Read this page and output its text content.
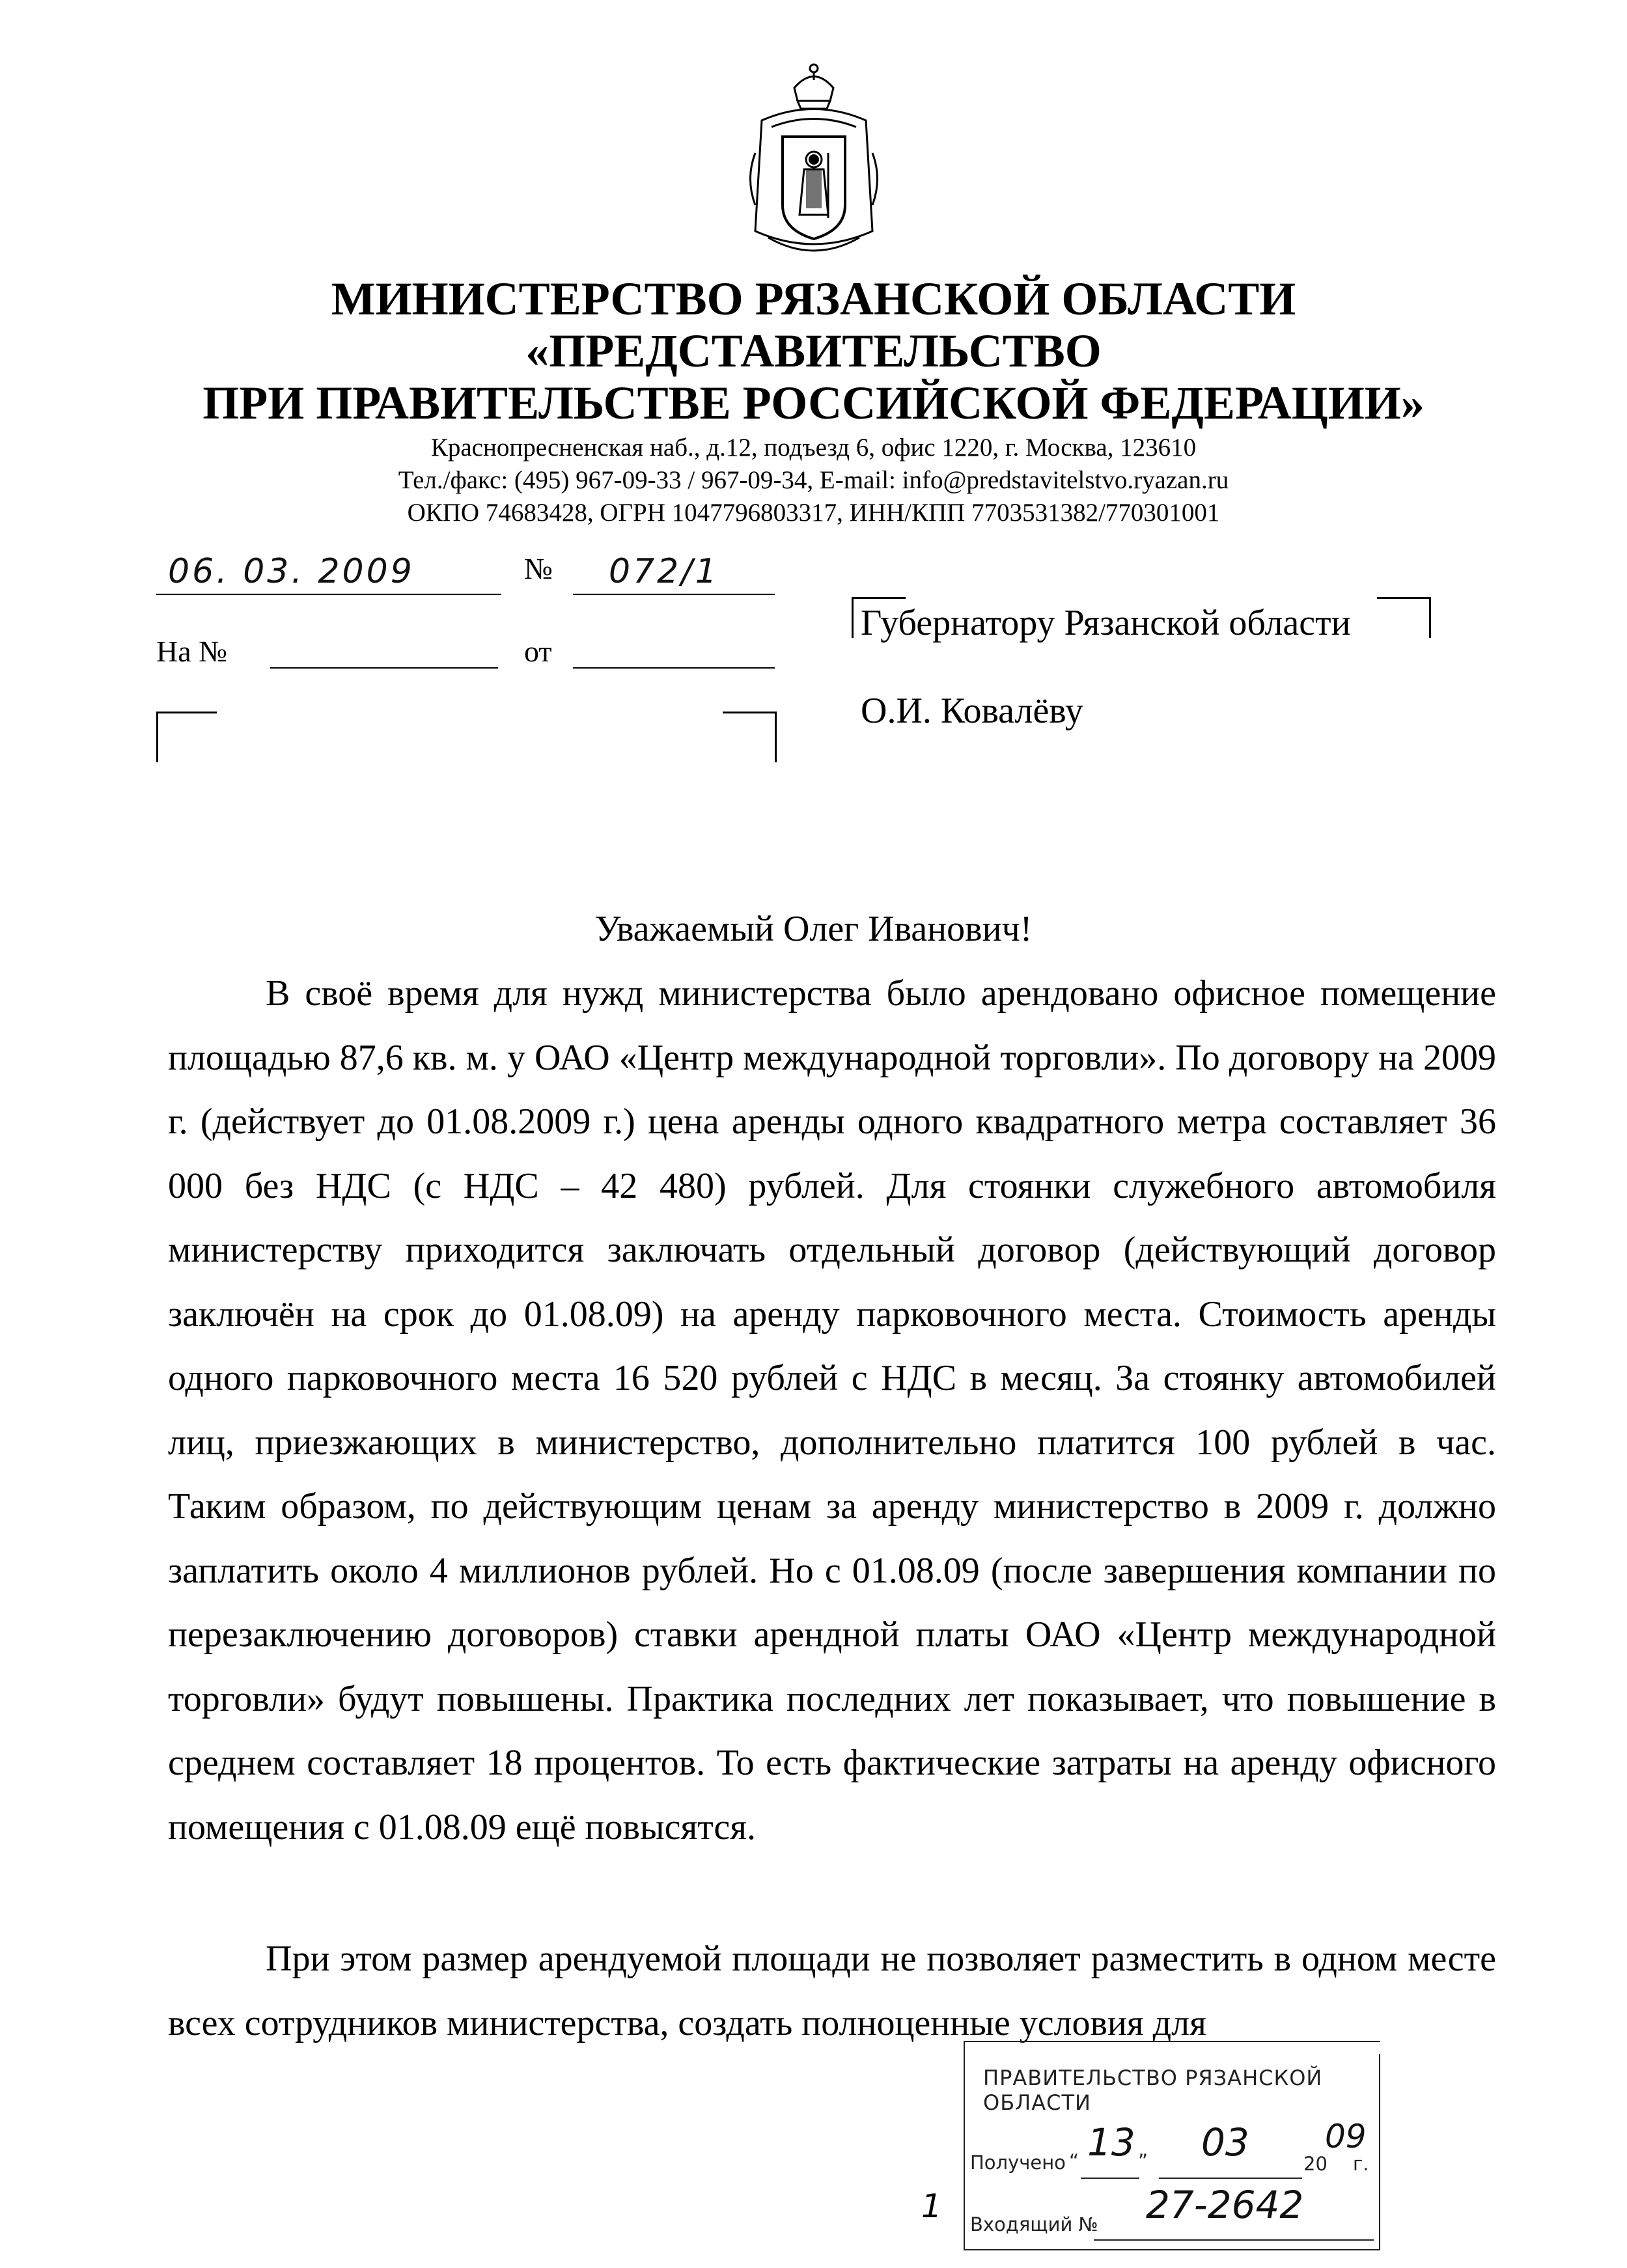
МИНИСТЕРСТВО РЯЗАНСКОЙ ОБЛАСТИ
«ПРЕДСТАВИТЕЛЬСТВО
ПРИ ПРАВИТЕЛЬСТВЕ РОССИЙСКОЙ ФЕДЕРАЦИИ»
Краснопресненская наб., д.12, подъезд 6, офис 1220, г. Москва, 123610
Тел./факс: (495) 967-09-33 / 967-09-34, E-mail: info@predstavitelstvo.ryazan.ru
ОКПО 74683428, ОГРН 1047796803317, ИНН/КПП 7703531382/770301001
06. 03. 2009	№ 072/1
На №	от
Губернатору Рязанской области
О.И. Ковалёву
Уважаемый Олег Иванович!

В своё время для нужд министерства было арендовано офисное помещение площадью 87,6 кв. м. у ОАО «Центр международной торговли». По договору на 2009 г. (действует до 01.08.2009 г.) цена аренды одного квадратного метра составляет 36 000 без НДС (с НДС – 42 480) рублей. Для стоянки служебного автомобиля министерству приходится заключать отдельный договор (действующий договор заключён на срок до 01.08.09) на аренду парковочного места. Стоимость аренды одного парковочного места 16 520 рублей с НДС в месяц. За стоянку автомобилей лиц, приезжающих в министерство, дополнительно платится 100 рублей в час. Таким образом, по действующим ценам за аренду министерство в 2009 г. должно заплатить около 4 миллионов рублей. Но с 01.08.09 (после завершения компании по перезаключению договоров) ставки арендной платы ОАО «Центр международной торговли» будут повышены. Практика последних лет показывает, что повышение в среднем составляет 18 процентов. То есть фактические затраты на аренду офисного помещения с 01.08.09 ещё повысятся.

При этом размер арендуемой площади не позволяет разместить в одном месте всех сотрудников министерства, создать полноценные условия для

ПРАВИТЕЛЬСТВО РЯЗАНСКОЙ ОБЛАСТИ
Получено “ 13 ” 03	20
09
г.
Входящий № 27-2642
1
